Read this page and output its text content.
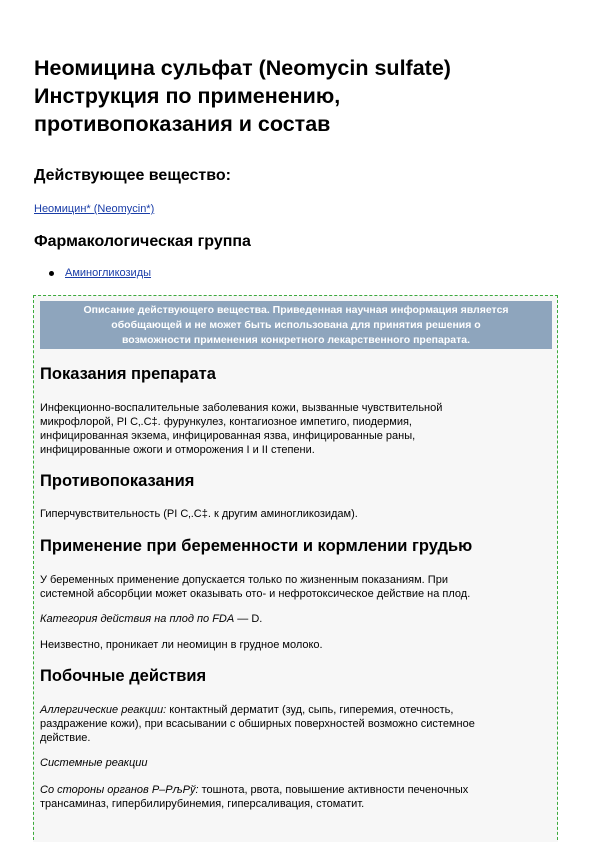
Неомицина сульфат (Neomycin sulfate)
Инструкция по применению,
противопоказания и состав
Действующее вещество:
Неомицин* (Neomycin*)
Фармакологическая группа
Аминогликозиды
Описание действующего вещества. Приведенная научная информация является
обобщающей и не может быть использована для принятия решения о
возможности применения конкретного лекарственного препарата.
Показания препарата
Инфекционно-воспалительные заболевания кожи, вызванные чувствительной
микрофлорой, РІ С‚.С‡. фурункулез, контагиозное импетиго, пиодермия,
инфицированная экзема, инфицированная язва, инфицированные раны,
инфицированные ожоги и отморожения I и II степени.
Противопоказания
Гиперчувствительность (РІ С‚.С‡. к другим аминогликозидам).
Применение при беременности и кормлении грудью
У беременных применение допускается только по жизненным показаниям. При
системной абсорбции может оказывать ото- и нефротоксическое действие на плод.
Категория действия на плод по FDA — D.
Неизвестно, проникает ли неомицин в грудное молоко.
Побочные действия
Аллергические реакции: контактный дерматит (зуд, сыпь, гиперемия, отечность,
раздражение кожи), при всасывании с обширных поверхностей возможно системное
действие.
Системные реакции
Со стороны органов Р–РљРў: тошнота, рвота, повышение активности печеночных
трансаминаз, гипербилирубинемия, гиперсаливация, стоматит.
